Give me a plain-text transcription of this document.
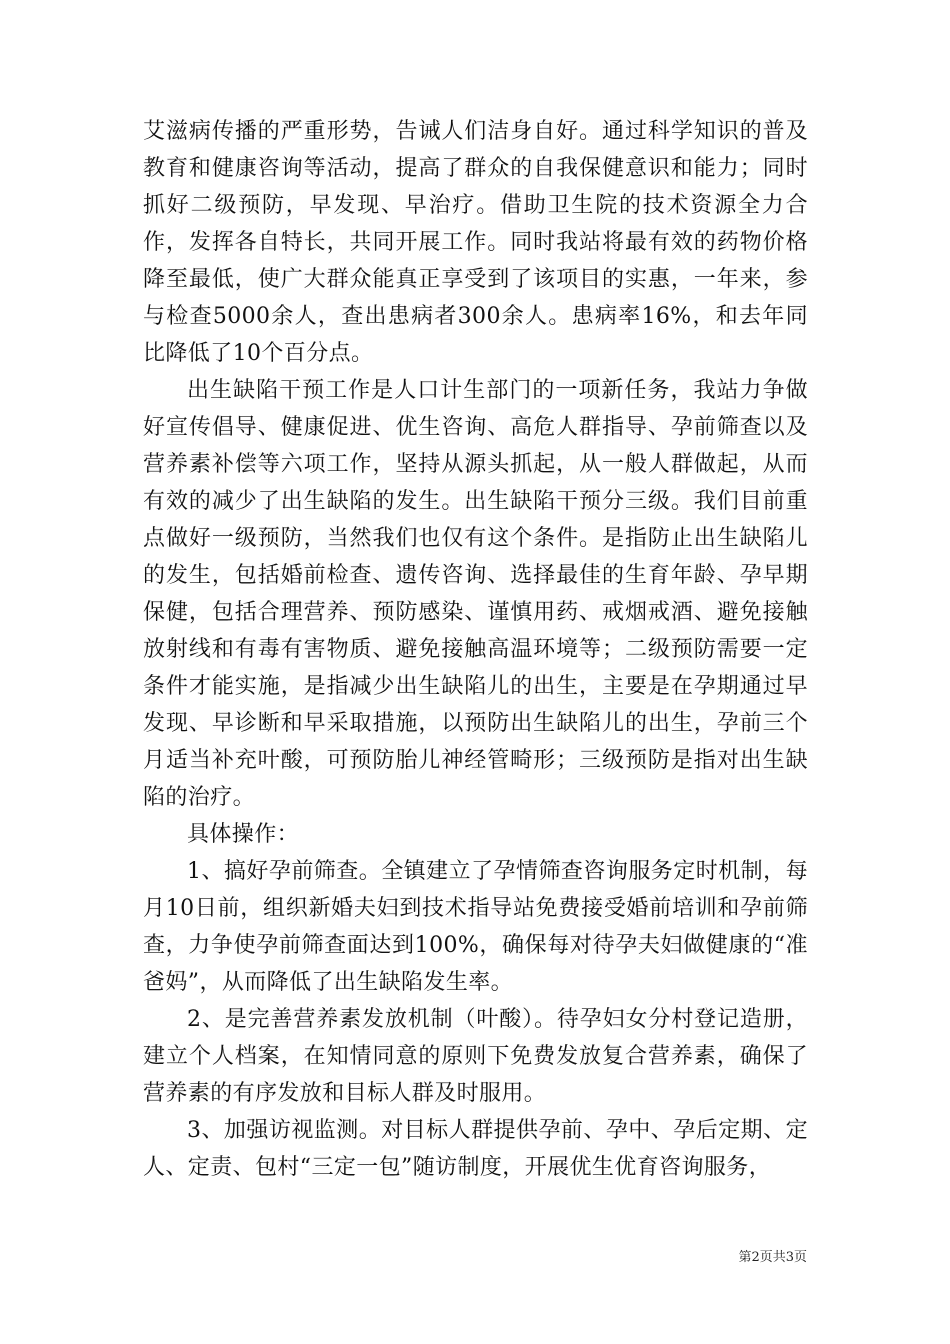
艾滋病传播的严重形势，告诫人们洁身自好。通过科学知识的普及教育和健康咨询等活动，提高了群众的自我保健意识和能力；同时抓好二级预防，早发现、早治疗。借助卫生院的技术资源全力合作，发挥各自特长，共同开展工作。同时我站将最有效的药物价格降至最低，使广大群众能真正享受到了该项目的实惠，一年来，参与检查5000余人，查出患病者300余人。患病率16%，和去年同比降低了10个百分点。

出生缺陷干预工作是人口计生部门的一项新任务，我站力争做好宣传倡导、健康促进、优生咨询、高危人群指导、孕前筛查以及营养素补偿等六项工作，坚持从源头抓起，从一般人群做起，从而有效的减少了出生缺陷的发生。出生缺陷干预分三级。我们目前重点做好一级预防，当然我们也仅有这个条件。是指防止出生缺陷儿的发生，包括婚前检查、遗传咨询、选择最佳的生育年龄、孕早期保健，包括合理营养、预防感染、谨慎用药、戒烟戒酒、避免接触放射线和有毒有害物质、避免接触高温环境等；二级预防需要一定条件才能实施，是指减少出生缺陷儿的出生，主要是在孕期通过早发现、早诊断和早采取措施，以预防出生缺陷儿的出生，孕前三个月适当补充叶酸，可预防胎儿神经管畸形；三级预防是指对出生缺陷的治疗。

具体操作：

1、搞好孕前筛查。全镇建立了孕情筛查咨询服务定时机制，每月10日前，组织新婚夫妇到技术指导站免费接受婚前培训和孕前筛查，力争使孕前筛查面达到100%，确保每对待孕夫妇做健康的“准爸妈”，从而降低了出生缺陷发生率。

2、是完善营养素发放机制（叶酸）。待孕妇女分村登记造册，建立个人档案，在知情同意的原则下免费发放复合营养素，确保了营养素的有序发放和目标人群及时服用。

3、加强访视监测。对目标人群提供孕前、孕中、孕后定期、定人、定责、包村“三定一包”随访制度，开展优生优育咨询服务，

第2页共3页
